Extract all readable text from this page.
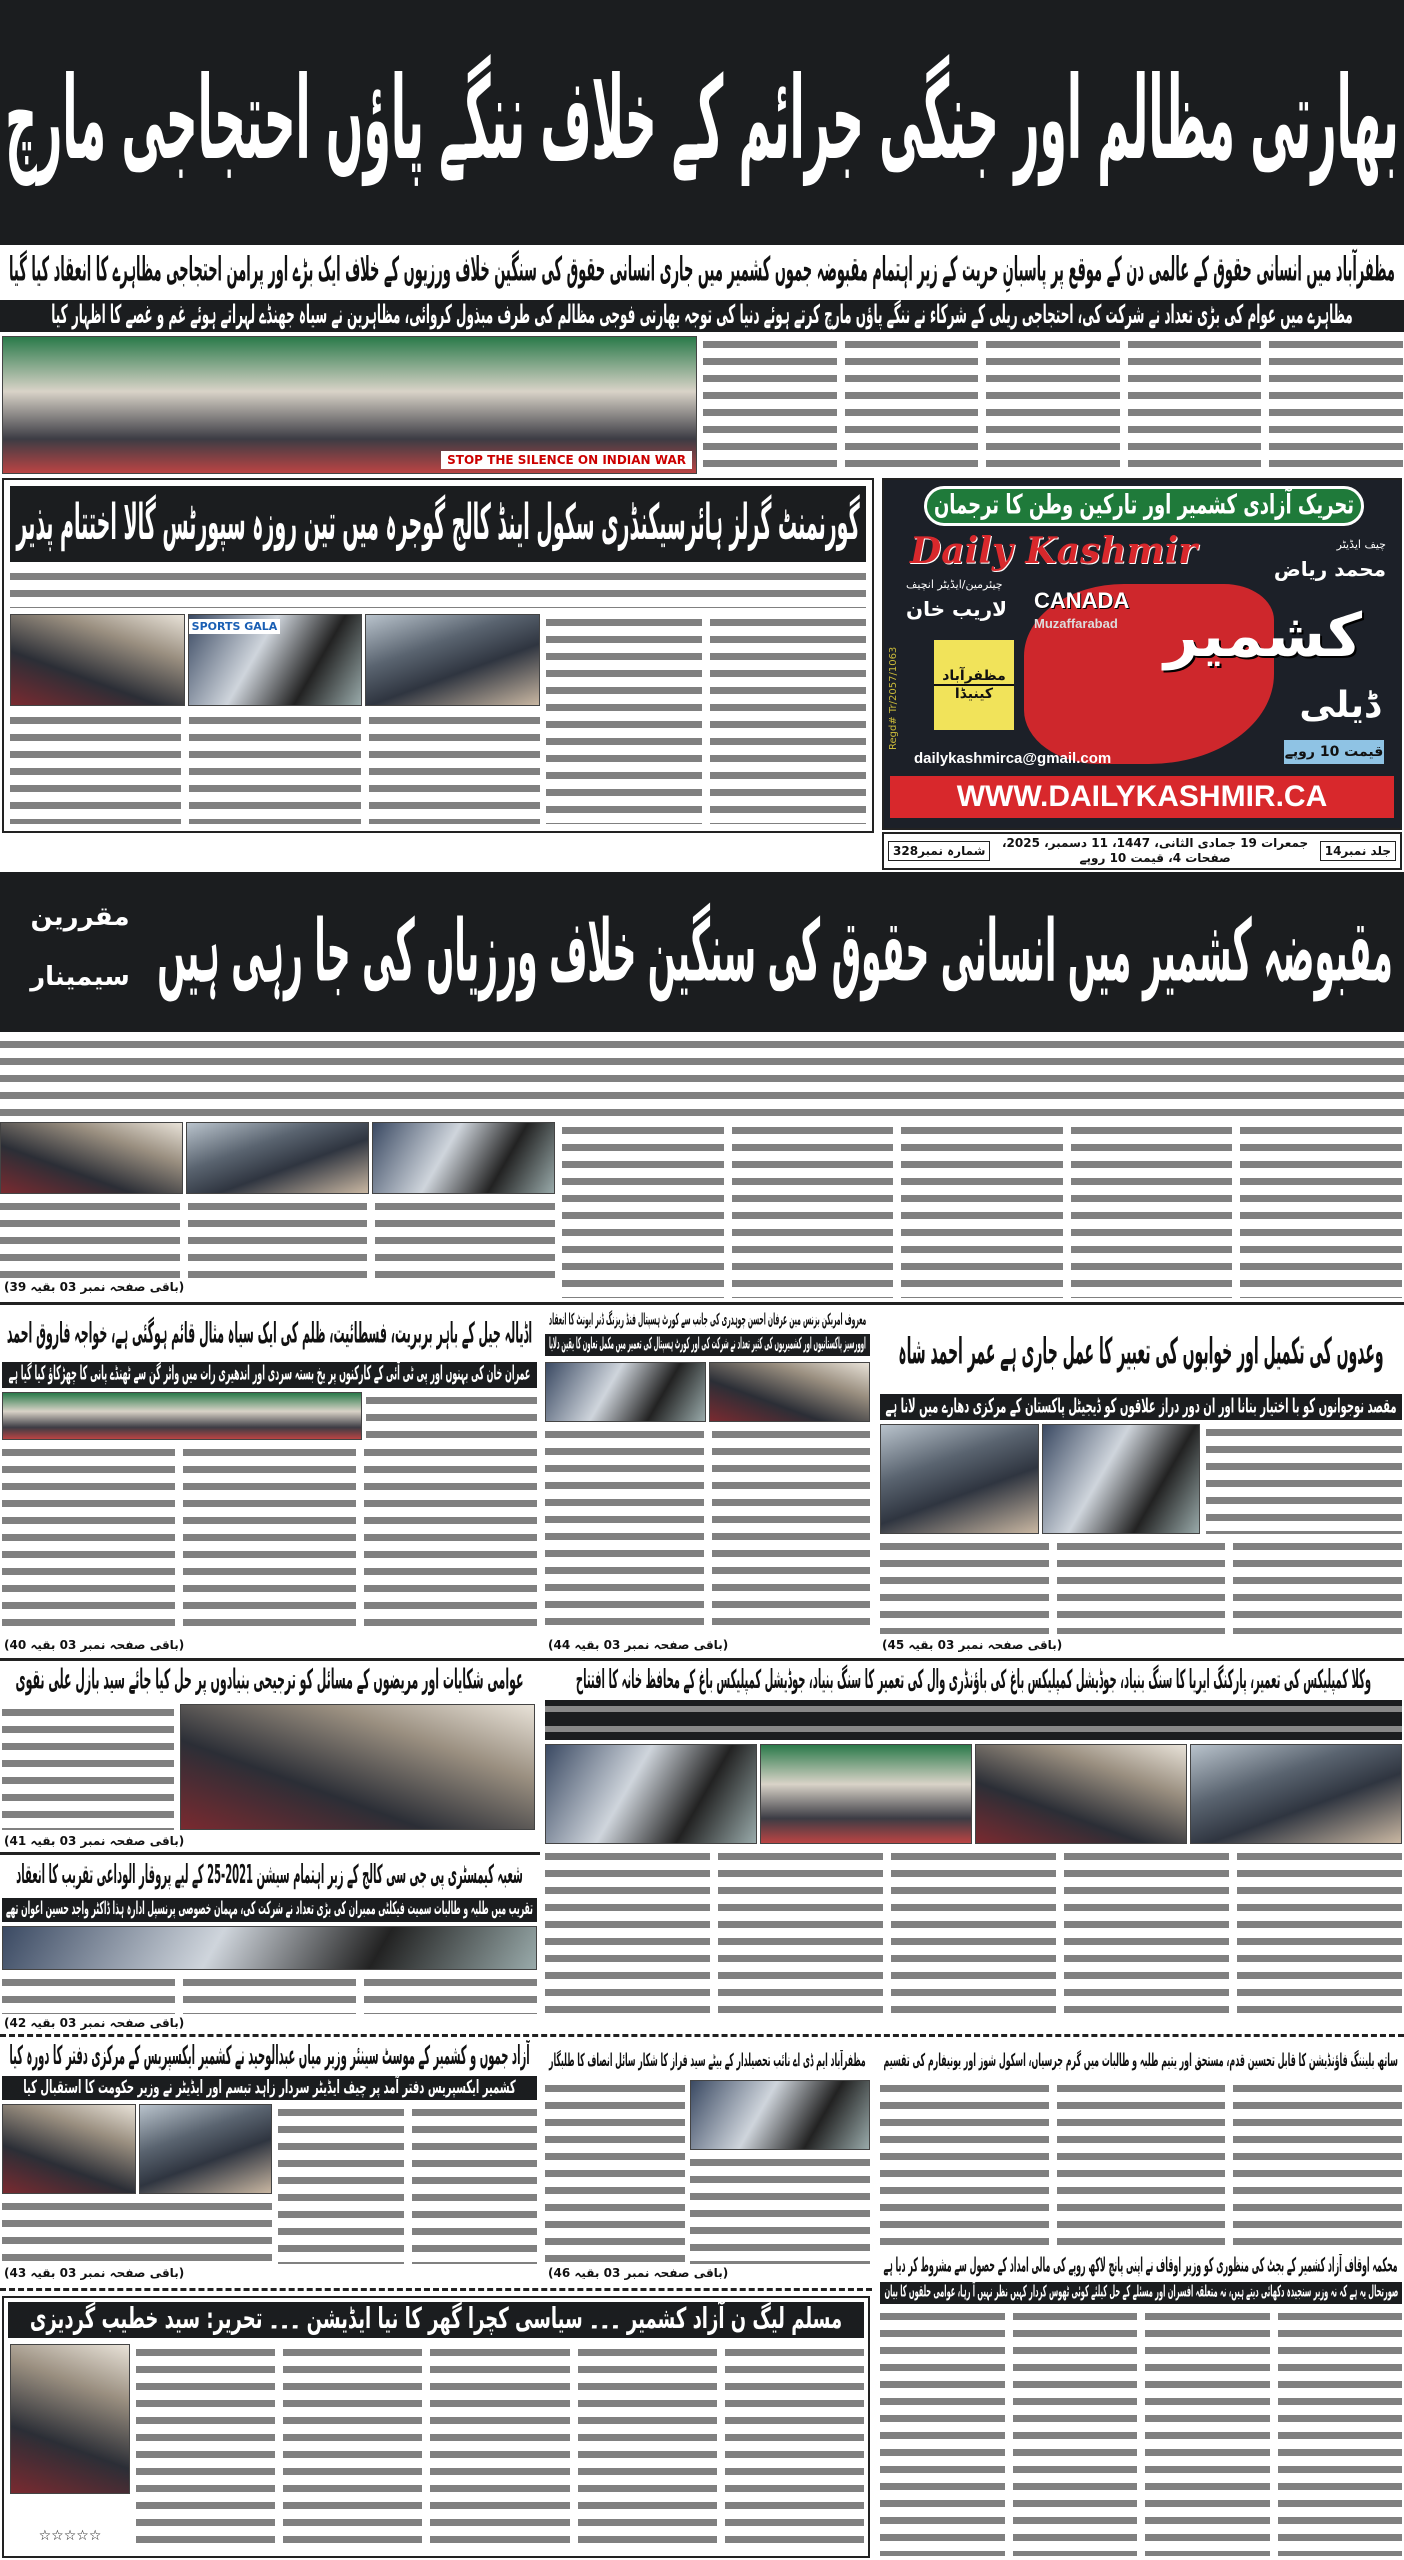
بھارتی مظالم اور جنگی جرائم کے خلاف ننگے پاؤں احتجاجی مارچ
مظفرآباد میں انسانی حقوق کے عالمی دن کے موقع پر پاسبانِ حریت کے زیر اہتمام مقبوضہ جموں کشمیر میں جاری انسانی حقوق کی سنگین خلاف ورزیوں کے خلاف ایک بڑے اور پرامن احتجاجی مظاہرے کا انعقاد کیا گیا
مظاہرے میں عوام کی بڑی تعداد نے شرکت کی، احتجاجی ریلی کے شرکاء نے ننگے پاؤں مارچ کرتے ہوئے دنیا کی توجہ بھارتی فوجی مظالم کی طرف مبذول کروائی، مظاہرین نے سیاہ جھنڈے لہراتے ہوئے غم و غصے کا اظہار کیا
STOP THE SILENCE ON INDIAN WAR
گورنمنٹ گرلز ہائرسیکنڈری سکول اینڈ کالج گوجرہ میں تین روزہ سپورٹس گالا اختتام پذیر
SPORTS GALA
تحریک آزادی کشمیر اور تارکین وطن کا ترجمان
Daily Kashmir
CANADA
Muzaffarabad کشمیر
ڈیلی
چیف ایڈیٹر
محمد ریاض
چیئرمین/ایڈیٹر انچیف
لاریب خان
مظفرآباد
کینیڈا
Regd# Tr/2057/1063
قیمت 10 روپے
dailykashmirca@gmail.com
WWW.DAILYKASHMIR.CA
جلد نمبر14
جمعرات 19 جمادی الثانی، 1447، 11 دسمبر، 2025، صفحات 4، قیمت 10 روپے
شمارہ نمبر328
مقبوضہ کشمیر میں انسانی حقوق کی سنگین خلاف ورزیاں کی جا رہی ہیں
مقررین
سیمینار
(باقی صفحہ نمبر 03 بقیہ 39)
اڈیالہ جیل کے باہر بربریت، فسطائیت، ظلم کی ایک سیاہ مثال قائم ہوگئی ہے، خواجہ فاروق احمد
عمران خان کی بہنوں اور پی ٹی آئی کے کارکنوں پر یخ بستہ سردی اور اندھیری رات میں واٹر گن سے ٹھنڈے پانی کا چھڑکاؤ کیا گیا ہے
(باقی صفحہ نمبر 03 بقیہ 40)
معروف امریکن بزنس مین عرفان احسن چوہدری کی جانب سے کورٹ ہسپتال فنڈ ریزنگ ڈنر ایونٹ کا انعقاد
اوورسیز پاکستانیوں اور کشمیریوں کی کثیر تعداد نے شرکت کی اور کورٹ ہسپتال کی تعمیر میں مکمل تعاون کا یقین دلایا
(باقی صفحہ نمبر 03 بقیہ 44)
وعدوں کی تکمیل اور خوابوں کی تعبیر کا عمل جاری ہے عمر احمد شاہ
مقصد نوجوانوں کو با اختیار بنانا اور ان دور دراز علاقوں کو ڈیجیٹل پاکستان کے مرکزی دھارے میں لانا ہے
(باقی صفحہ نمبر 03 بقیہ 45)
عوامی شکایات اور مریضوں کے مسائل کو ترجیحی بنیادوں پر حل کیا جائے سید بازل علی نقوی
(باقی صفحہ نمبر 03 بقیہ 41)
وکلا کمپلیکس کی تعمیر، پارکنگ ایریا کا سنگ بنیاد، جوڈیشل کمپلیکس باغ کی باؤنڈری وال کی تعمیر کا سنگ بنیاد، جوڈیشل کمپلیکس باغ کے محافظ خانہ کا افتتاح
شعبہ کیمسٹری پی جی سی کالج کے زیر اہتمام سیشن 2021-25 کے لیے پروقار الوداعی تقریب کا انعقاد
تقریب میں طلبہ و طالبات سمیت فیکلٹی ممبران کی بڑی تعداد نے شرکت کی، مہمان خصوصی پرنسپل ادارہ ہذا ڈاکٹر واجد حسین اعوان تھے
(باقی صفحہ نمبر 03 بقیہ 42)
آزاد جموں و کشمیر کے موسٹ سینئر وزیر میاں عبدالوحید نے کشمیر ایکسپریس کے مرکزی دفتر کا دورہ کیا
کشمیر ایکسپریس دفتر آمد پر چیف ایڈیٹر سردار زاہد تبسم اور ایڈیٹر نے وزیر حکومت کا استقبال کیا
(باقی صفحہ نمبر 03 بقیہ 43)
مظفرآباد ایم ڈی اے نائب تحصیلدار کے بیٹے سید فراز کا شکار سائل انصاف کا طلبگار
(باقی صفحہ نمبر 03 بقیہ 46)
ساتھ بلیننگ فاؤنڈیشن کا قابل تحسین قدم، مستحق اور یتیم طلبہ و طالبات میں گرم جرسیاں، اسکول شوز اور یونیفارم کی تقسیم
محکمہ اوقاف آزاد کشمیر کے بجٹ کی منظوری کو وزیر اوقاف نے اپنی پانچ لاکھ روپے کی مالی امداد کے حصول سے مشروط کر دیا ہے
صورتحال یہ ہے کہ نہ وزیر سنجیدہ دکھائی دیتے ہیں، نہ متعلقہ افسران اور مسئلے کے حل کیلئے کوئی ٹھوس کردار کہیں نظر نہیں آ رہا، عوامی حلقوں کا بیان
مسلم لیگ ن آزاد کشمیر ۔۔۔ سیاسی کچرا گھر کا نیا ایڈیشن ۔۔۔ تحریر: سید خطیب گردیزی
☆☆☆☆☆
